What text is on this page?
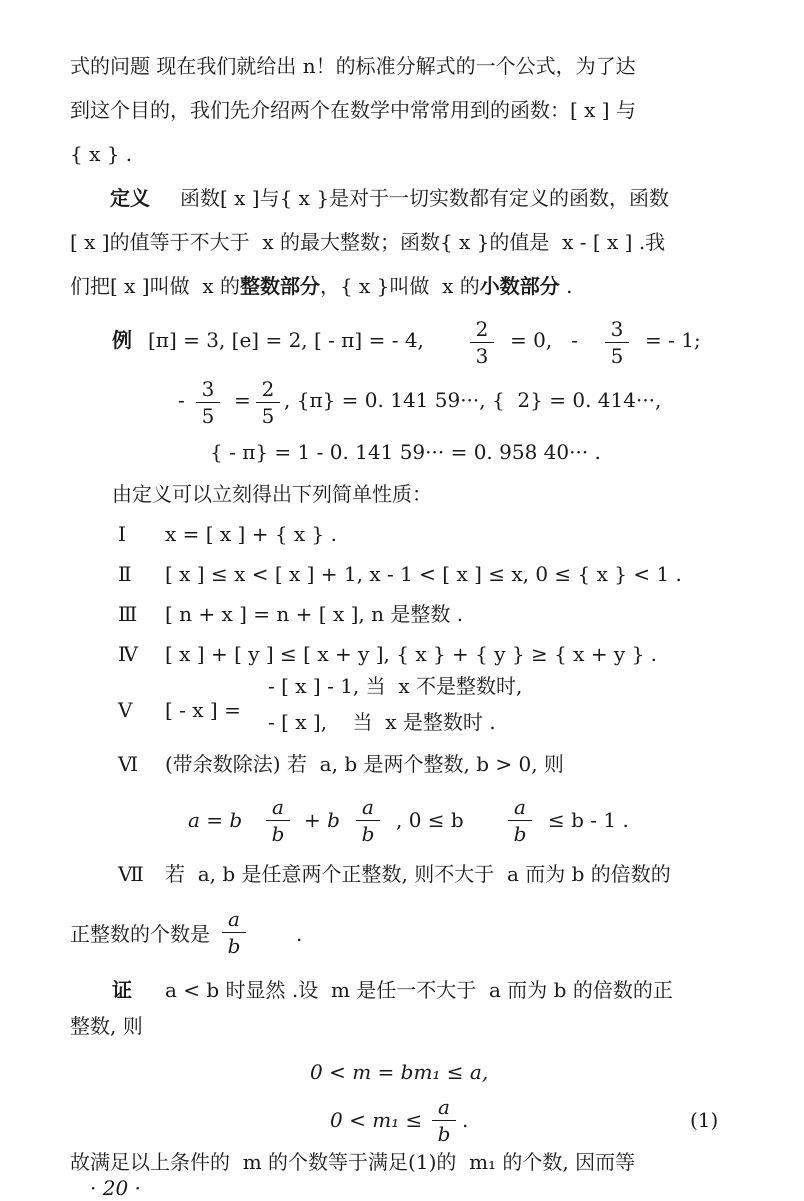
式的问题 现在我们就给出 n！的标准分解式的一个公式，为了达
到这个目的，我们先介绍两个在数学中常常用到的函数：[ x ] 与
{ x } .
定义 函数[ x ]与{ x }是对于一切实数都有定义的函数，函数
[ x ]的值等于不大于  x 的最大整数；函数{ x }的值是  x - [ x ] .我
们把[ x ]叫做  x 的整数部分，{ x }叫做  x 的小数部分 .
例 [π] = 3, [e] = 2, [ - π] = - 4,	2
3
= 0,   - 3
5
= - 1;
- 3
5
= 2
5
, {π} = 0. 141 59···, {  2} = 0. 414···,
{ - π} = 1 - 0. 141 59··· = 0. 958 40··· .
由定义可以立刻得出下列简单性质：
Ⅰ x = [ x ] + { x } .
Ⅱ [ x ] ≤ x < [ x ] + 1, x - 1 < [ x ] ≤ x, 0 ≤ { x } < 1 .
Ⅲ [ n + x ] = n + [ x ], n 是整数 .
Ⅳ [ x ] + [ y ] ≤ [ x + y ], { x } + { y } ≥ { x + y } .
Ⅴ [ - x ] =
- [ x ] - 1, 当  x 不是整数时,
- [ x ],    当  x 是整数时 .
Ⅵ (带余数除法) 若  a, b 是两个整数, b > 0, 则
a = b
a
b
+ b
a
b
, 0 ≤ b
a
b
≤ b - 1 .
Ⅶ 若  a, b 是任意两个正整数, 则不大于  a 而为 b 的倍数的
正整数的个数是
a
b	.
证 a < b 时显然 .设  m 是任一不大于  a 而为 b 的倍数的正
整数, 则
0 < m = bm₁ ≤ a,
0 < m₁ ≤
a
b
.	(1)
故满足以上条件的  m 的个数等于满足(1)的  m₁ 的个数, 因而等
· 20 ·
